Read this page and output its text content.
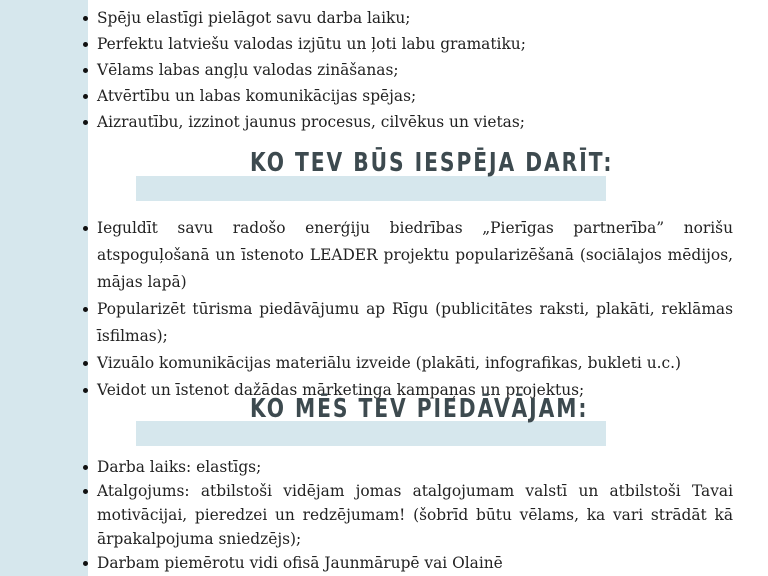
Spēju elastīgi pielāgot savu darba laiku;
Perfektu latviešu valodas izjūtu un ļoti labu gramatiku;
Vēlams labas angļu valodas zināšanas;
Atvērtību un labas komunikācijas spējas;
Aizrautību, izzinot jaunus procesus, cilvēkus un vietas;
KO TEV BŪS IESPĒJA DARĪT:
Ieguldīt savu radošo enerģiju biedrības „Pierīgas partnerība” norišu atspoguļošanā un īstenoto LEADER projektu popularizēšanā (sociālajos mēdijos, mājas lapā)
Popularizēt tūrisma piedāvājumu ap Rīgu (publicitātes raksti, plakāti, reklāmas īsfilmas);
Vizuālo komunikācijas materiālu izveide (plakāti, infografikas, bukleti u.c.)
Veidot un īstenot dažādas mārketinga kampaņas un projektus;
KO MĒS TEV PIEDĀVĀJAM:
Darba laiks: elastīgs;
Atalgojums: atbilstoši vidējam jomas atalgojumam valstī un atbilstoši Tavai motivācijai, pieredzei un redzējumam! (šobrīd būtu vēlams, ka vari strādāt kā ārpakalpojuma sniedzējs);
Darbam piemērotu vidi ofisā Jaunmārupē vai Olainē
